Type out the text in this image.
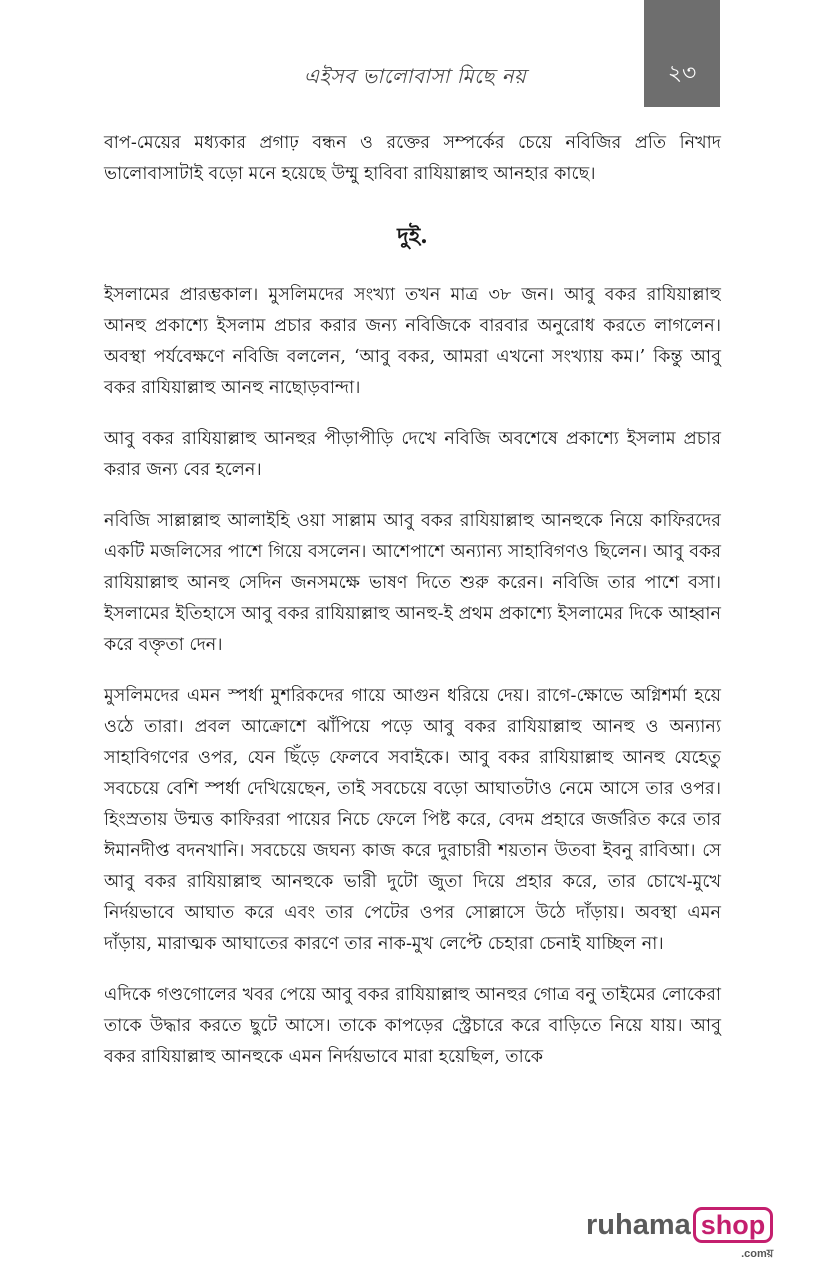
এইসব ভালোবাসা মিছে নয়	২৩

বাপ-মেয়ের মধ্যকার প্রগাঢ় বন্ধন ও রক্তের সম্পর্কের চেয়ে নবিজির প্রতি নিখাদ ভালোবাসাটাই বড়ো মনে হয়েছে উম্মু হাবিবা রাযিয়াল্লাহু আনহার কাছে।

দুই.

ইসলামের প্রারম্ভকাল। মুসলিমদের সংখ্যা তখন মাত্র ৩৮ জন। আবু বকর রাযিয়াল্লাহু আনহু প্রকাশ্যে ইসলাম প্রচার করার জন্য নবিজিকে বারবার অনুরোধ করতে লাগলেন। অবস্থা পর্যবেক্ষণে নবিজি বললেন, ‘আবু বকর, আমরা এখনো সংখ্যায় কম।’ কিন্তু আবু বকর রাযিয়াল্লাহু আনহু নাছোড়বান্দা।

আবু বকর রাযিয়াল্লাহু আনহুর পীড়াপীড়ি দেখে নবিজি অবশেষে প্রকাশ্যে ইসলাম প্রচার করার জন্য বের হলেন।

নবিজি সাল্লাল্লাহু আলাইহি ওয়া সাল্লাম আবু বকর রাযিয়াল্লাহু আনহুকে নিয়ে কাফিরদের একটি মজলিসের পাশে গিয়ে বসলেন। আশেপাশে অন্যান্য সাহাবিগণও ছিলেন। আবু বকর রাযিয়াল্লাহু আনহু সেদিন জনসমক্ষে ভাষণ দিতে শুরু করেন। নবিজি তার পাশে বসা। ইসলামের ইতিহাসে আবু বকর রাযিয়াল্লাহু আনহু-ই প্রথম প্রকাশ্যে ইসলামের দিকে আহ্বান করে বক্তৃতা দেন।

মুসলিমদের এমন স্পর্ধা মুশরিকদের গায়ে আগুন ধরিয়ে দেয়। রাগে-ক্ষোভে অগ্নিশর্মা হয়ে ওঠে তারা। প্রবল আক্রোশে ঝাঁপিয়ে পড়ে আবু বকর রাযিয়াল্লাহু আনহু ও অন্যান্য সাহাবিগণের ওপর, যেন ছিঁড়ে ফেলবে সবাইকে। আবু বকর রাযিয়াল্লাহু আনহু যেহেতু সবচেয়ে বেশি স্পর্ধা দেখিয়েছেন, তাই সবচেয়ে বড়ো আঘাতটাও নেমে আসে তার ওপর। হিংস্রতায় উন্মত্ত কাফিররা পায়ের নিচে ফেলে পিষ্ট করে, বেদম প্রহারে জর্জরিত করে তার ঈমানদীপ্ত বদনখানি। সবচেয়ে জঘন্য কাজ করে দুরাচারী শয়তান উতবা ইবনু রাবিআ। সে আবু বকর রাযিয়াল্লাহু আনহুকে ভারী দুটো জুতা দিয়ে প্রহার করে, তার চোখে-মুখে নির্দয়ভাবে আঘাত করে এবং তার পেটের ওপর সোল্লাসে উঠে দাঁড়ায়। অবস্থা এমন দাঁড়ায়, মারাত্মক আঘাতের কারণে তার নাক-মুখ লেপ্টে চেহারা চেনাই যাচ্ছিল না।

এদিকে গণ্ডগোলের খবর পেয়ে আবু বকর রাযিয়াল্লাহু আনহুর গোত্র বনু তাইমের লোকেরা তাকে উদ্ধার করতে ছুটে আসে। তাকে কাপড়ের স্ট্রেচারে করে বাড়িতে নিয়ে যায়। আবু বকর রাযিয়াল্লাহু আনহুকে এমন নির্দয়ভাবে মারা হয়েছিল, তাকে

ruhama shop
.comয়
